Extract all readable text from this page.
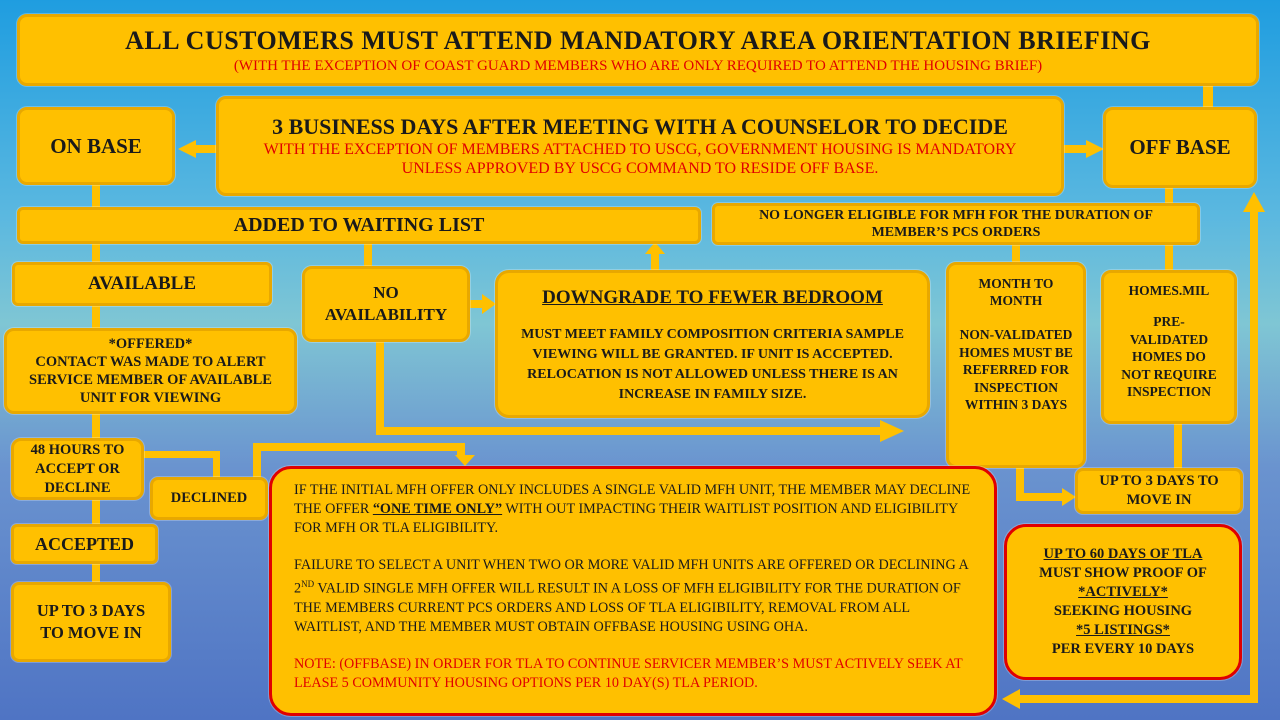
ALL CUSTOMERS MUST ATTEND MANDATORY AREA ORIENTATION BRIEFING
(WITH THE EXCEPTION OF COAST GUARD MEMBERS WHO ARE ONLY REQUIRED TO ATTEND THE HOUSING BRIEF)
3 BUSINESS DAYS AFTER MEETING WITH A COUNSELOR TO DECIDE
WITH THE EXCEPTION OF MEMBERS ATTACHED TO USCG, GOVERNMENT HOUSING IS MANDATORY UNLESS APPROVED BY USCG COMMAND TO RESIDE OFF BASE.
ON BASE	OFF BASE
ADDED TO WAITING LIST	NO LONGER ELIGIBLE FOR MFH FOR THE DURATION OF MEMBER’S PCS ORDERS
AVAILABLE	NO AVAILABILITY
DOWNGRADE TO FEWER BEDROOM
MUST MEET FAMILY COMPOSITION CRITERIA SAMPLE VIEWING WILL BE GRANTED. IF UNIT IS ACCEPTED. RELOCATION IS NOT ALLOWED UNLESS THERE IS AN INCREASE IN FAMILY SIZE.
MONTH TO MONTH
NON-VALIDATED HOMES MUST BE REFERRED FOR INSPECTION WITHIN 3 DAYS
HOMES.MIL
PRE-VALIDATED HOMES DO NOT REQUIRE INSPECTION
*OFFERED*
CONTACT WAS MADE TO ALERT SERVICE MEMBER OF AVAILABLE UNIT FOR VIEWING
48 HOURS TO ACCEPT OR DECLINE
DECLINED
ACCEPTED
UP TO 3 DAYS TO MOVE IN
UP TO 3 DAYS TO MOVE IN

IF THE INITIAL MFH OFFER ONLY INCLUDES A SINGLE VALID MFH UNIT, THE MEMBER MAY DECLINE THE OFFER “ONE TIME ONLY” WITH OUT IMPACTING THEIR WAITLIST POSITION AND ELIGIBILITY FOR MFH OR TLA ELIGIBILITY.

FAILURE TO SELECT A UNIT WHEN TWO OR MORE VALID MFH UNITS ARE OFFERED OR DECLINING A 2ND VALID SINGLE MFH OFFER WILL RESULT IN A LOSS OF MFH ELIGIBILITY FOR THE DURATION OF THE MEMBERS CURRENT PCS ORDERS AND LOSS OF TLA ELIGIBILITY, REMOVAL FROM ALL WAITLIST, AND THE MEMBER MUST OBTAIN OFFBASE HOUSING USING OHA.

NOTE: (OFFBASE) IN ORDER FOR TLA TO CONTINUE SERVICER MEMBER’S MUST ACTIVELY SEEK AT LEASE 5 COMMUNITY HOUSING OPTIONS PER 10 DAY(S) TLA PERIOD.

UP TO 60 DAYS OF TLA
MUST SHOW PROOF OF
*ACTIVELY*
SEEKING HOUSING
*5 LISTINGS*
PER EVERY 10 DAYS
